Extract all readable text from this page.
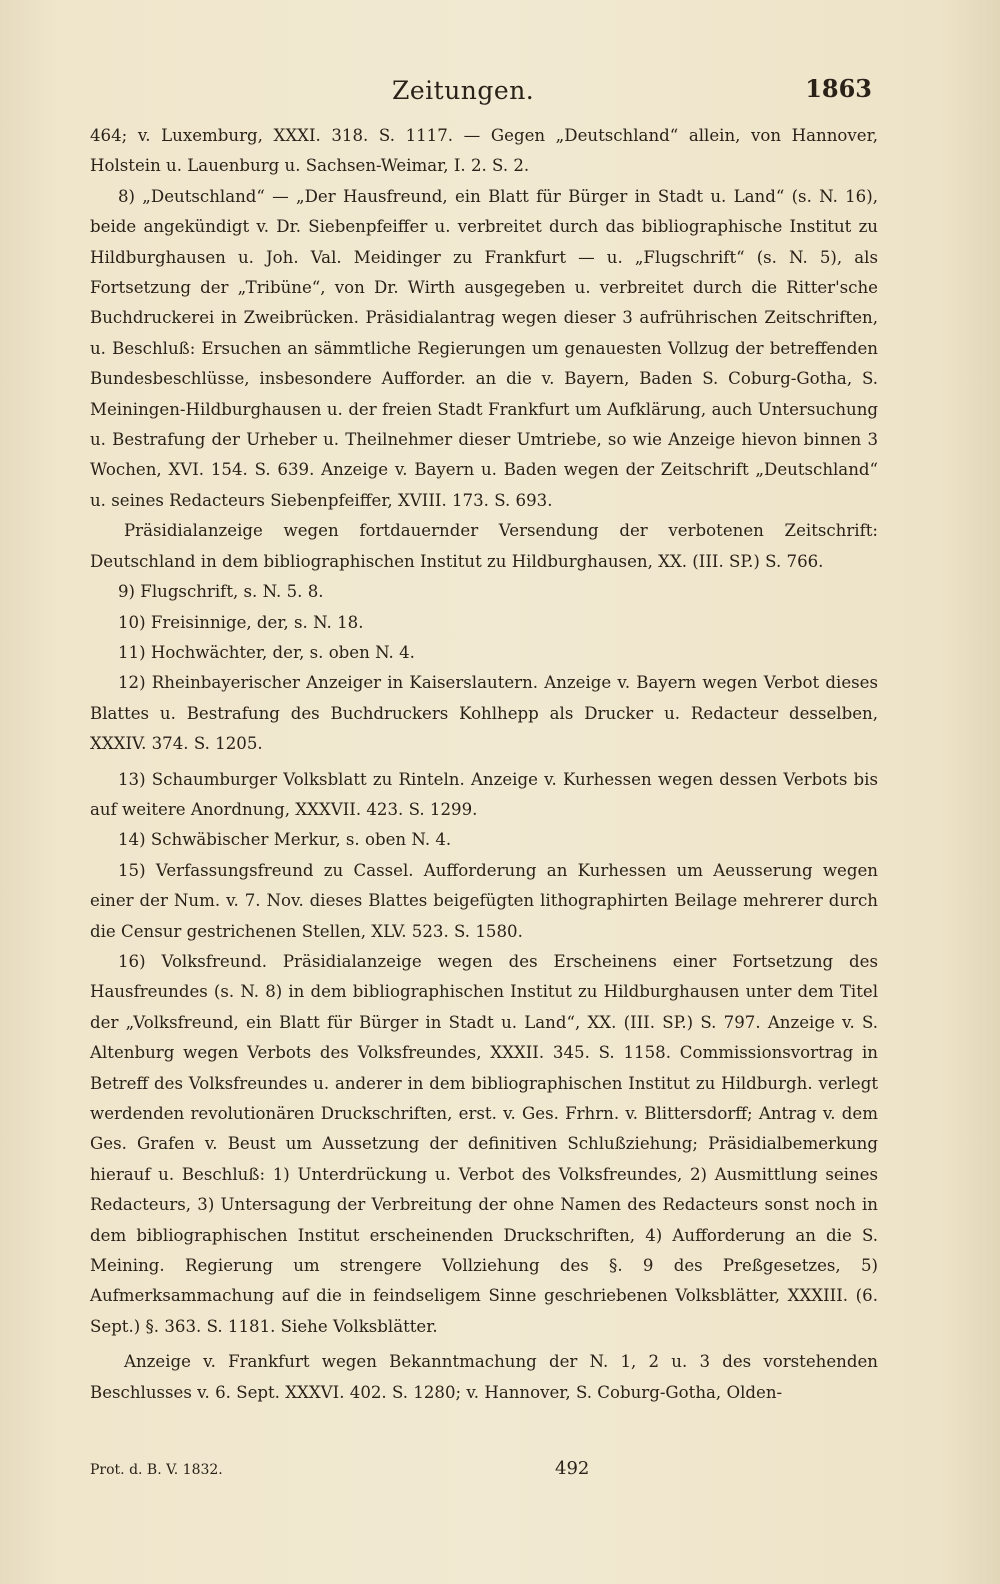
Zeitungen.	1863

464; v. Luxemburg, XXXI. 318. S. 1117. — Gegen „Deutschland“ allein, von Hannover, Holstein u. Lauenburg u. Sachsen-Weimar, I. 2. S. 2.

8) „Deutschland“ — „Der Hausfreund, ein Blatt für Bürger in Stadt u. Land“ (s. N. 16), beide angekündigt v. Dr. Siebenpfeiffer u. verbreitet durch das bibliographische Institut zu Hildburghausen u. Joh. Val. Meidinger zu Frankfurt — u. „Flugschrift“ (s. N. 5), als Fortsetzung der „Tribüne“, von Dr. Wirth ausgegeben u. verbreitet durch die Ritter'sche Buchdruckerei in Zweibrücken. Präsidialantrag wegen dieser 3 aufrührischen Zeitschriften, u. Beschluß: Ersuchen an sämmtliche Regierungen um genauesten Vollzug der betreffenden Bundesbeschlüsse, insbesondere Aufforder. an die v. Bayern, Baden S. Coburg-Gotha, S. Meiningen-Hildburghausen u. der freien Stadt Frankfurt um Aufklärung, auch Untersuchung u. Bestrafung der Urheber u. Theilnehmer dieser Umtriebe, so wie Anzeige hievon binnen 3 Wochen, XVI. 154. S. 639. Anzeige v. Bayern u. Baden wegen der Zeitschrift „Deutschland“ u. seines Redacteurs Siebenpfeiffer, XVIII. 173. S. 693.

Präsidialanzeige wegen fortdauernder Versendung der verbotenen Zeitschrift: Deutschland in dem bibliographischen Institut zu Hildburghausen, XX. (III. SP.) S. 766.

9) Flugschrift, s. N. 5. 8.

10) Freisinnige, der, s. N. 18.

11) Hochwächter, der, s. oben N. 4.

12) Rheinbayerischer Anzeiger in Kaiserslautern. Anzeige v. Bayern wegen Verbot dieses Blattes u. Bestrafung des Buchdruckers Kohlhepp als Drucker u. Redacteur desselben, XXXIV. 374. S. 1205.

13) Schaumburger Volksblatt zu Rinteln. Anzeige v. Kurhessen wegen dessen Verbots bis auf weitere Anordnung, XXXVII. 423. S. 1299.

14) Schwäbischer Merkur, s. oben N. 4.

15) Verfassungsfreund zu Cassel. Aufforderung an Kurhessen um Aeusserung wegen einer der Num. v. 7. Nov. dieses Blattes beigefügten lithographirten Beilage mehrerer durch die Censur gestrichenen Stellen, XLV. 523. S. 1580.

16) Volksfreund. Präsidialanzeige wegen des Erscheinens einer Fortsetzung des Hausfreundes (s. N. 8) in dem bibliographischen Institut zu Hildburghausen unter dem Titel der „Volksfreund, ein Blatt für Bürger in Stadt u. Land“, XX. (III. SP.) S. 797. Anzeige v. S. Altenburg wegen Verbots des Volksfreundes, XXXII. 345. S. 1158. Commissionsvortrag in Betreff des Volksfreundes u. anderer in dem bibliographischen Institut zu Hildburgh. verlegt werdenden revolutionären Druckschriften, erst. v. Ges. Frhrn. v. Blittersdorff; Antrag v. dem Ges. Grafen v. Beust um Aussetzung der definitiven Schlußziehung; Präsidialbemerkung hierauf u. Beschluß: 1) Unterdrückung u. Verbot des Volksfreundes, 2) Ausmittlung seines Redacteurs, 3) Untersagung der Verbreitung der ohne Namen des Redacteurs sonst noch in dem bibliographischen Institut erscheinenden Druckschriften, 4) Aufforderung an die S. Meining. Regierung um strengere Vollziehung des §. 9 des Preßgesetzes, 5) Aufmerksammachung auf die in feindseligem Sinne geschriebenen Volksblätter, XXXIII. (6. Sept.) §. 363. S. 1181. Siehe Volksblätter.

Anzeige v. Frankfurt wegen Bekanntmachung der N. 1, 2 u. 3 des vorstehenden Beschlusses v. 6. Sept. XXXVI. 402. S. 1280; v. Hannover, S. Coburg-Gotha, Olden-

Prot. d. B. V. 1832.	492
